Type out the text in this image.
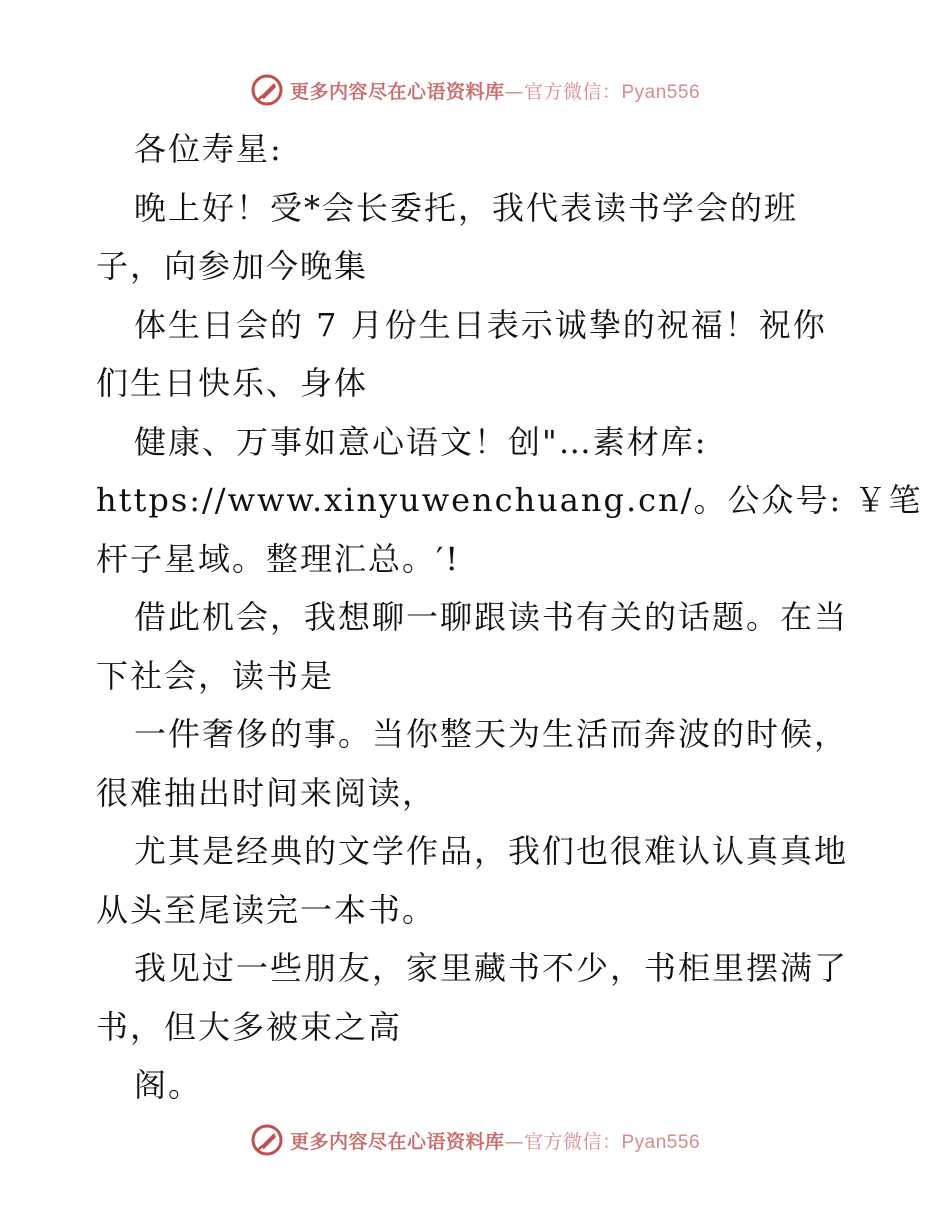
更多内容尽在心语资料库—官方微信：Pyan556
各位寿星:
晚上好！受*会长委托，我代表读书学会的班
子，向参加今晚集
体生日会的 7 月份生日表示诚挚的祝福！祝你
们生日快乐、身体
健康、万事如意心语文！创"…素材库:
https://www.xinyuwenchuang.cn/。公众号: ￥笔
杆子星域。整理汇总。′!
借此机会，我想聊一聊跟读书有关的话题。在当
下社会，读书是
一件奢侈的事。当你整天为生活而奔波的时候，
很难抽出时间来阅读，
尤其是经典的文学作品，我们也很难认认真真地
从头至尾读完一本书。
我见过一些朋友，家里藏书不少，书柜里摆满了
书，但大多被束之高
阁。
更多内容尽在心语资料库—官方微信：Pyan556
